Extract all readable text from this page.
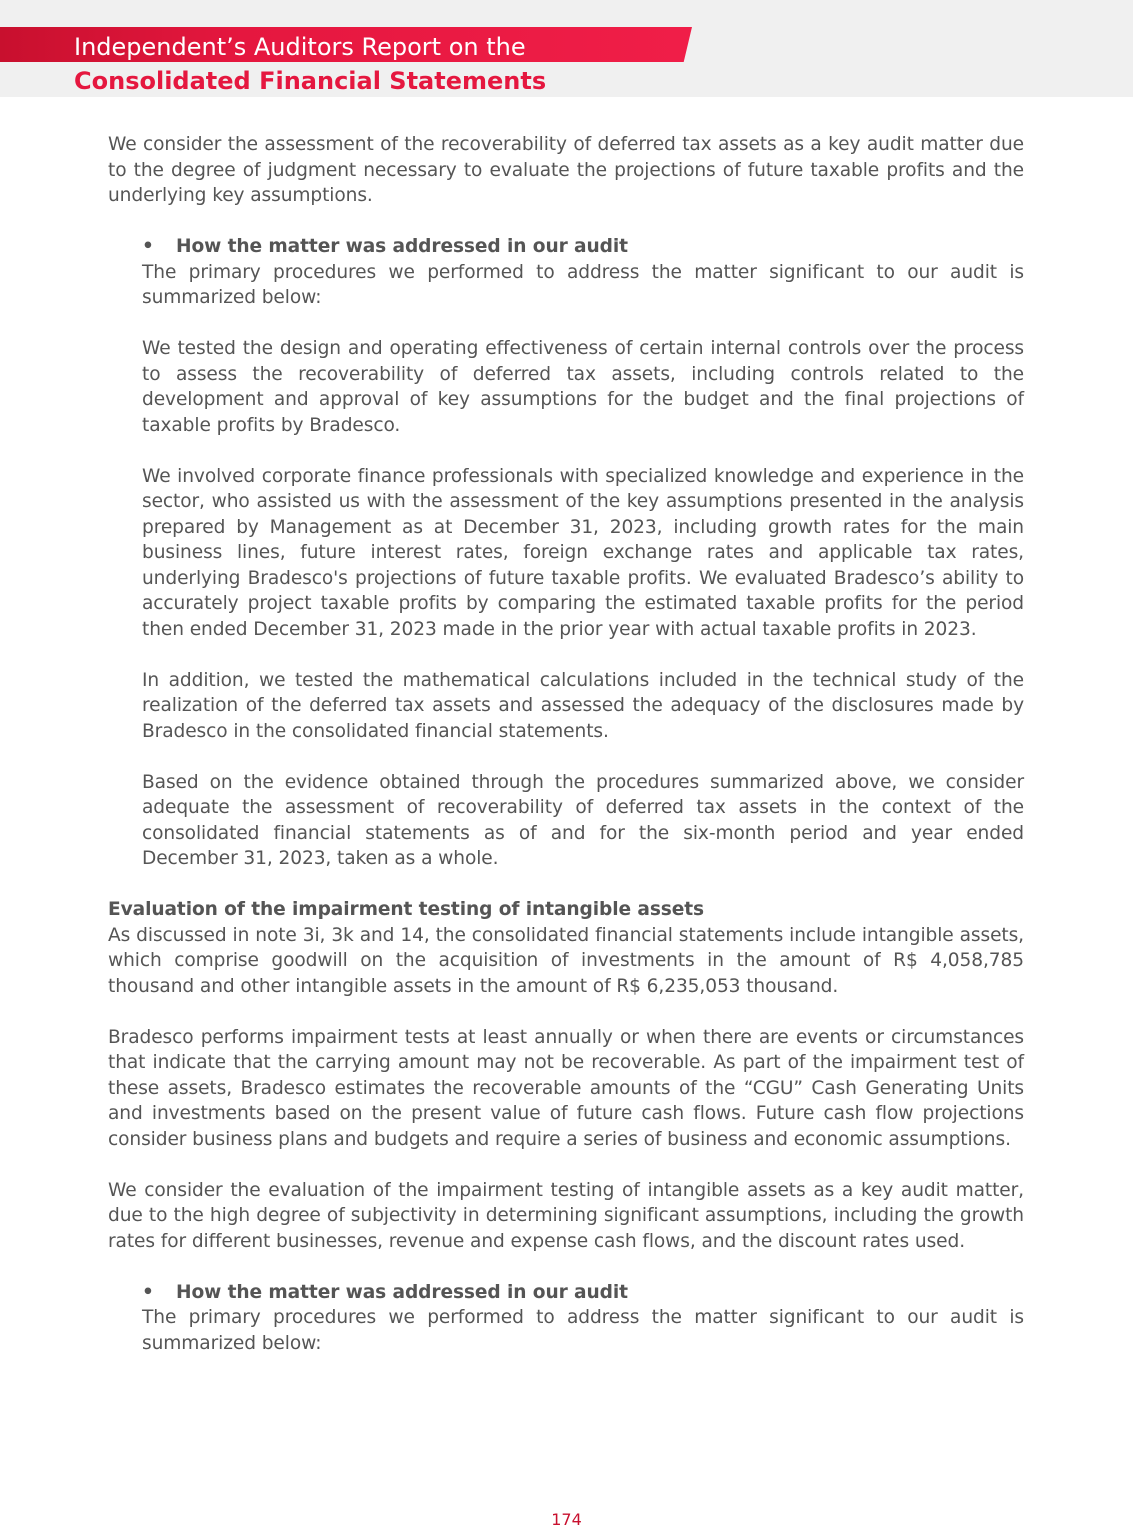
Independent’s Auditors Report on the
Consolidated Financial Statements

We consider the assessment of the recoverability of deferred tax assets as a key audit matter due to the degree of judgment necessary to evaluate the projections of future taxable profits and the underlying key assumptions.

• How the matter was addressed in our audit

The primary procedures we performed to address the matter significant to our audit is summarized below:

We tested the design and operating effectiveness of certain internal controls over the process to assess the recoverability of deferred tax assets, including controls related to the development and approval of key assumptions for the budget and the final projections of taxable profits by Bradesco.

We involved corporate finance professionals with specialized knowledge and experience in the sector, who assisted us with the assessment of the key assumptions presented in the analysis prepared by Management as at December 31, 2023, including growth rates for the main business lines, future interest rates, foreign exchange rates and applicable tax rates, underlying Bradesco's projections of future taxable profits. We evaluated Bradesco’s ability to accurately project taxable profits by comparing the estimated taxable profits for the period then ended December 31, 2023 made in the prior year with actual taxable profits in 2023.

In addition, we tested the mathematical calculations included in the technical study of the realization of the deferred tax assets and assessed the adequacy of the disclosures made by Bradesco in the consolidated financial statements.

Based on the evidence obtained through the procedures summarized above, we consider adequate the assessment of recoverability of deferred tax assets in the context of the consolidated financial statements as of and for the six-month period and year ended December 31, 2023, taken as a whole.

Evaluation of the impairment testing of intangible assets

As discussed in note 3i, 3k and 14, the consolidated financial statements include intangible assets, which comprise goodwill on the acquisition of investments in the amount of R$ 4,058,785 thousand and other intangible assets in the amount of R$ 6,235,053 thousand.

Bradesco performs impairment tests at least annually or when there are events or circumstances that indicate that the carrying amount may not be recoverable. As part of the impairment test of these assets, Bradesco estimates the recoverable amounts of the “CGU” Cash Generating Units and investments based on the present value of future cash flows. Future cash flow projections consider business plans and budgets and require a series of business and economic assumptions.

We consider the evaluation of the impairment testing of intangible assets as a key audit matter, due to the high degree of subjectivity in determining significant assumptions, including the growth rates for different businesses, revenue and expense cash flows, and the discount rates used.

• How the matter was addressed in our audit

The primary procedures we performed to address the matter significant to our audit is summarized below:

174
